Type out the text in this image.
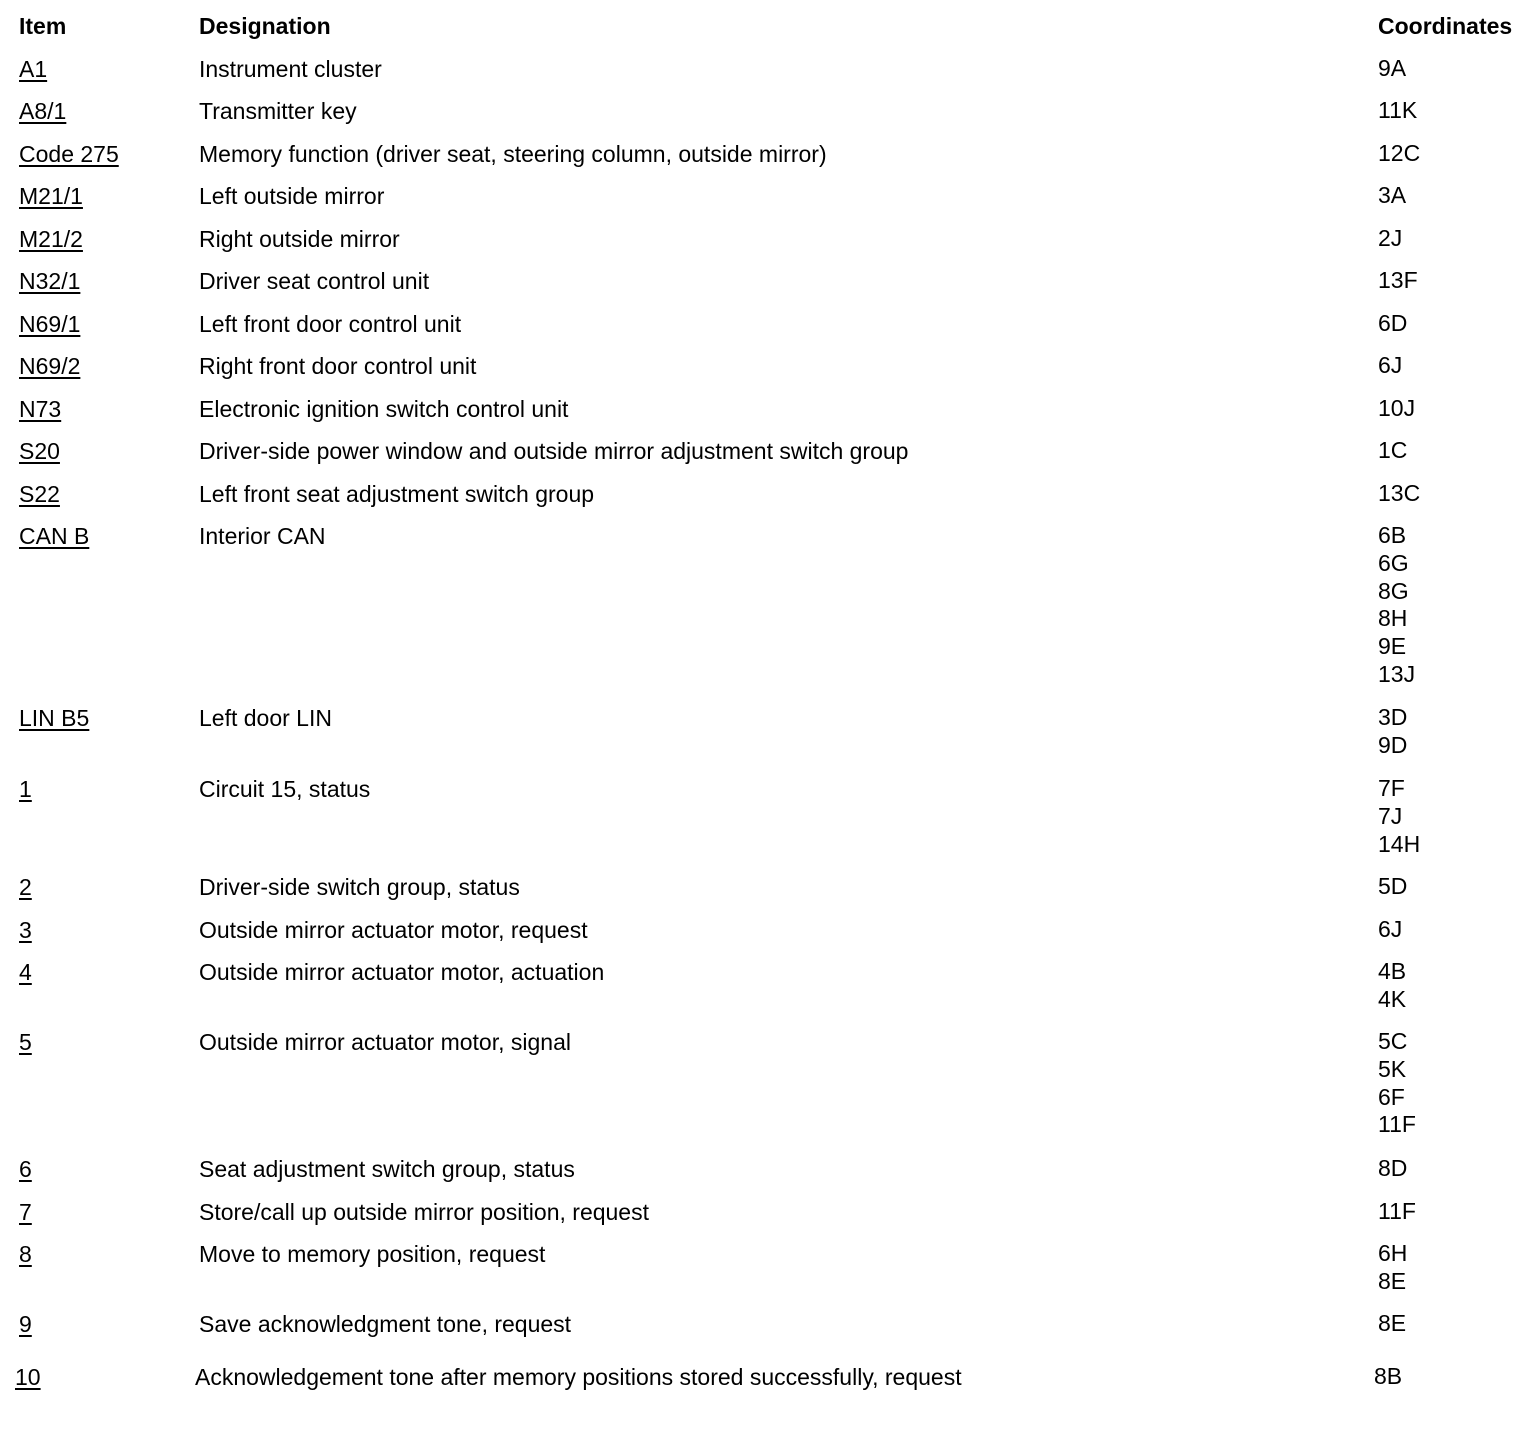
Item	Designation	Coordinates
A1	Instrument cluster	9A
A8/1	Transmitter key	11K
Code 275	Memory function (driver seat, steering column, outside mirror)	12C
M21/1	Left outside mirror	3A
M21/2	Right outside mirror	2J
N32/1	Driver seat control unit	13F
N69/1	Left front door control unit	6D
N69/2	Right front door control unit	6J
N73	Electronic ignition switch control unit	10J
S20	Driver-side power window and outside mirror adjustment switch group	1C
S22	Left front seat adjustment switch group	13C
CAN B	Interior CAN	6B
6G
8G
8H
9E
13J
LIN B5	Left door LIN	3D
9D
1	Circuit 15, status	7F
7J
14H
2	Driver-side switch group, status	5D
3	Outside mirror actuator motor, request	6J
4	Outside mirror actuator motor, actuation	4B
4K
5	Outside mirror actuator motor, signal	5C
5K
6F
11F
6	Seat adjustment switch group, status	8D
7	Store/call up outside mirror position, request	11F
8	Move to memory position, request	6H
8E
9	Save acknowledgment tone, request	8E
10	Acknowledgement tone after memory positions stored successfully, request	8B
